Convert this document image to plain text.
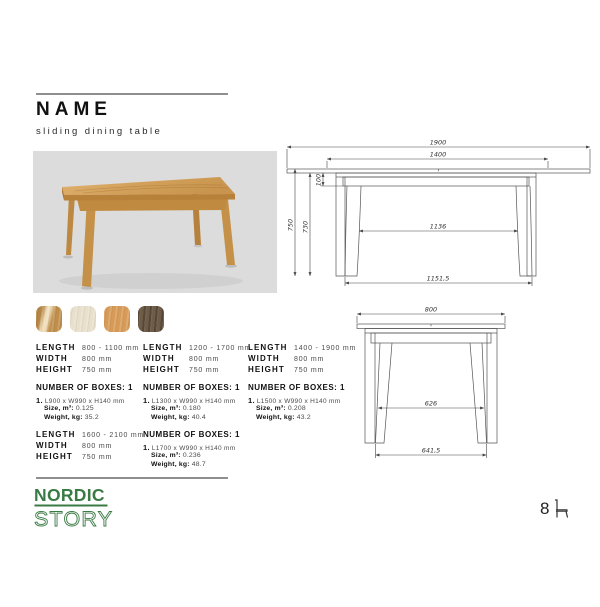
NAME
sliding dining table
1900
1400
750 730
100
1136
1151,5
800
626
641,5
LENGTH 800 - 1100 mm
WIDTH	800 mm
HEIGHT	750 mm
NUMBER OF BOXES: 1
1. L900 x W990 x H140 mm
Size, m³: 0.125
Weight, kg: 35.2
LENGTH 1200 - 1700 mm
WIDTH	800 mm
HEIGHT	750 mm
NUMBER OF BOXES: 1
1. L1300 x W990 x H140 mm
Size, m³: 0.180
Weight, kg: 40.4
LENGTH 1400 - 1900 mm
WIDTH	800 mm
HEIGHT	750 mm
NUMBER OF BOXES: 1
1. L1500 x W990 x H140 mm
Size, m³: 0.208
Weight, kg: 43.2
LENGTH 1600 - 2100 mm
WIDTH	800 mm
HEIGHT	750 mm
NUMBER OF BOXES: 1
1. L1700 x W990 x H140 mm
Size, m³: 0.236
Weight, kg: 48.7
NORDIC
STORY	8
